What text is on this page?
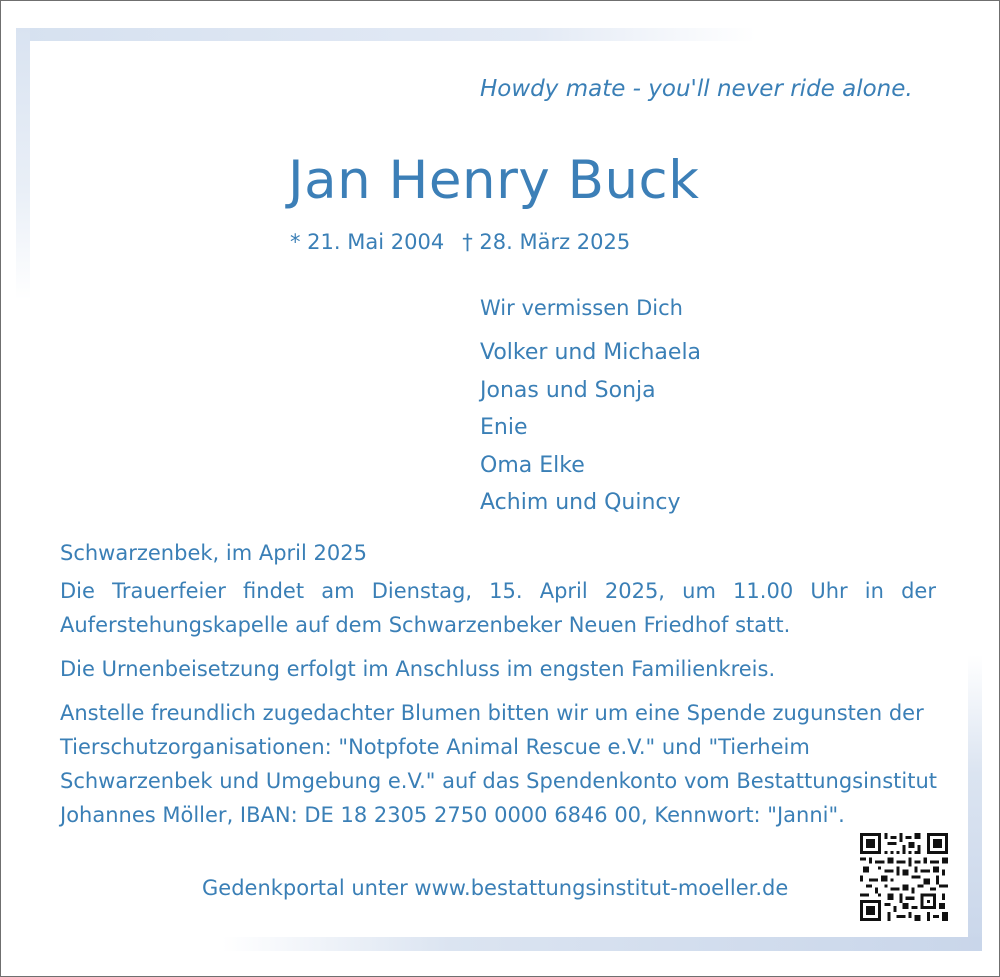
Howdy mate - you'll never ride alone.
Jan Henry Buck
* 21. Mai 2004 † 28. März 2025
Wir vermissen Dich
Volker und Michaela
Jonas und Sonja
Enie
Oma Elke
Achim und Quincy

Schwarzenbek, im April 2025

Die Trauerfeier findet am Dienstag, 15. April 2025, um 11.00 Uhr in der Auferstehungskapelle auf dem Schwarzenbeker Neuen Friedhof statt.

Die Urnenbeisetzung erfolgt im Anschluss im engsten Familienkreis.

Anstelle freundlich zugedachter Blumen bitten wir um eine Spende zugunsten der Tierschutzorganisationen: "Notpfote Animal Rescue e.V." und "Tierheim Schwarzenbek und Umgebung e.V." auf das Spendenkonto vom Bestattungsinstitut Johannes Möller, IBAN: DE 18 2305 2750 0000 6846 00, Kennwort: "Janni".

Gedenkportal unter www.bestattungsinstitut-moeller.de
